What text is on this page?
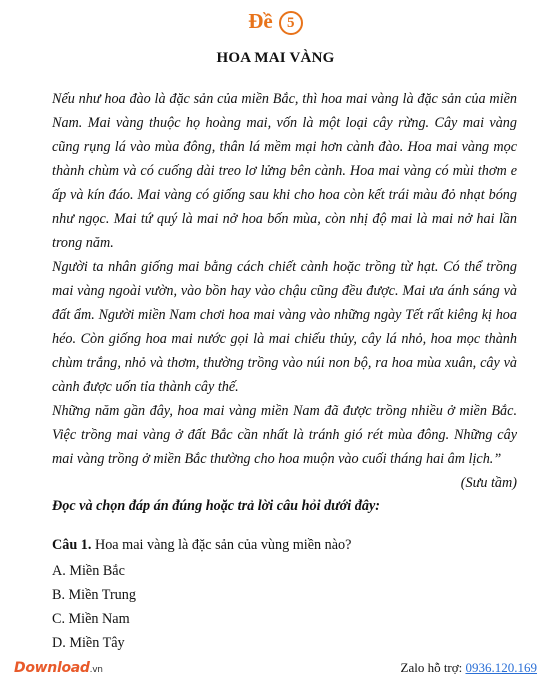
Đề 5
HOA MAI VÀNG

Nếu như hoa đào là đặc sản của miền Bắc, thì hoa mai vàng là đặc sản của miền Nam. Mai vàng thuộc họ hoàng mai, vốn là một loại cây rừng. Cây mai vàng cũng rụng lá vào mùa đông, thân lá mềm mại hơn cành đào. Hoa mai vàng mọc thành chùm và có cuống dài treo lơ lửng bên cành. Hoa mai vàng có mùi thơm e ấp và kín đáo. Mai vàng có giống sau khi cho hoa còn kết trái màu đỏ nhạt bóng như ngọc. Mai tứ quý là mai nở hoa bốn mùa, còn nhị độ mai là mai nở hai lần trong năm.

Người ta nhân giống mai bằng cách chiết cành hoặc trồng từ hạt. Có thể trồng mai vàng ngoài vườn, vào bồn hay vào chậu cũng đều được. Mai ưa ánh sáng và đất ẩm. Người miền Nam chơi hoa mai vàng vào những ngày Tết rất kiêng kị hoa héo. Còn giống hoa mai nước gọi là mai chiếu thủy, cây lá nhỏ, hoa mọc thành chùm trắng, nhỏ và thơm, thường trồng vào núi non bộ, ra hoa mùa xuân, cây và cành được uốn tỉa thành cây thế.

Những năm gần đây, hoa mai vàng miền Nam đã được trồng nhiều ở miền Bắc. Việc trồng mai vàng ở đất Bắc cần nhất là tránh gió rét mùa đông. Những cây mai vàng trồng ở miền Bắc thường cho hoa muộn vào cuối tháng hai âm lịch.”

(Sưu tầm)

Đọc và chọn đáp án đúng hoặc trả lời câu hỏi dưới đây:
Câu 1. Hoa mai vàng là đặc sản của vùng miền nào?
A. Miền Bắc
B. Miền Trung
C. Miền Nam
D. Miền Tây
Download.vn	Zalo hỗ trợ: 0936.120.169
